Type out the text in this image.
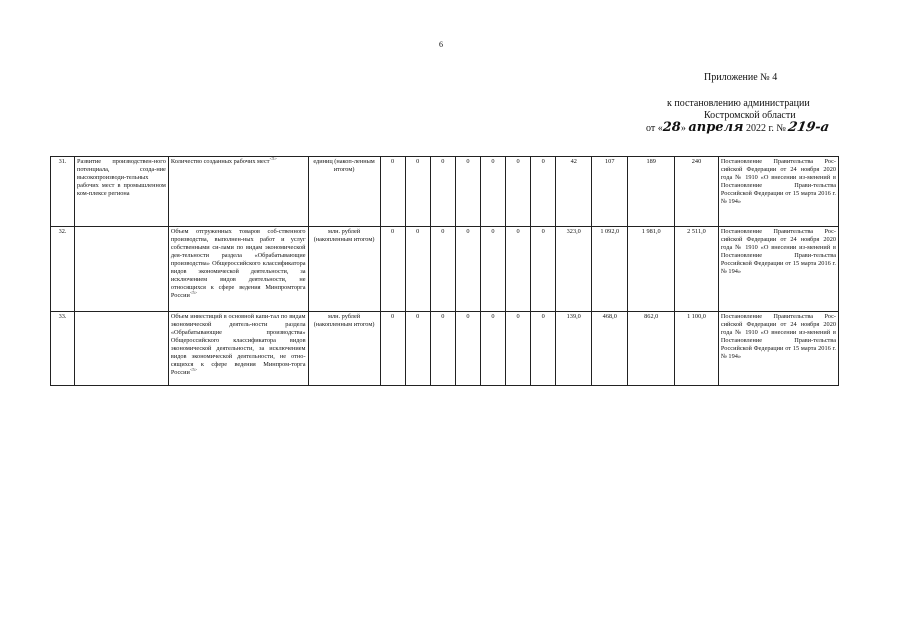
6
Приложение № 4
к постановлению администрации
Костромской области
от «28» апреля 2022 г. № 219-а
31.	Развитие производствен-ного потенциала, созда-ние высокопроизводи-тельных рабочих мест в промышленном ком-плексе региона	Количество созданных рабочих мест$^{<5>}$	единиц (накоп-ленным итогом)	0	0	0	0	0	0	0	42	107	189	240	Постановление Правительства Рос-сийской Федерации от 24 ноября 2020 года № 1910 «О внесении из-менений в Постановление Прави-тельства Российской Федерации от 15 марта 2016 г. № 194»
32.		Объем отгруженных товаров соб-ственного производства, выполнен-ных работ и услуг собственными си-лами по видам экономической дея-тельности раздела «Обрабатывающие производства» Общероссийского классификатора видов экономической деятельности, за исключением видов деятельности, не относящихся к сфере ведения Минпромторга России$^{<5>}$	млн. рублей (накопленным итогом)	0	0	0	0	0	0	0	323,0	1 092,0	1 981,0	2 511,0	Постановление Правительства Рос-сийской Федерации от 24 ноября 2020 года № 1910 «О внесении из-менений в Постановление Прави-тельства Российской Федерации от 15 марта 2016 г. № 194»
33.		Объем инвестиций в основной капи-тал по видам экономической деятель-ности раздела «Обрабатывающие производства» Общероссийского классификатора видов экономической деятельности, за исключением видов экономической деятельности, не отно-сящихся к сфере ведения Минпром-торга России$^{<5>}$	млн. рублей (накопленным итогом)	0	0	0	0	0	0	0	139,0	468,0	862,0	1 100,0	Постановление Правительства Рос-сийской Федерации от 24 ноября 2020 года № 1910 «О внесении из-менений в Постановление Прави-тельства Российской Федерации от 15 марта 2016 г. № 194»
